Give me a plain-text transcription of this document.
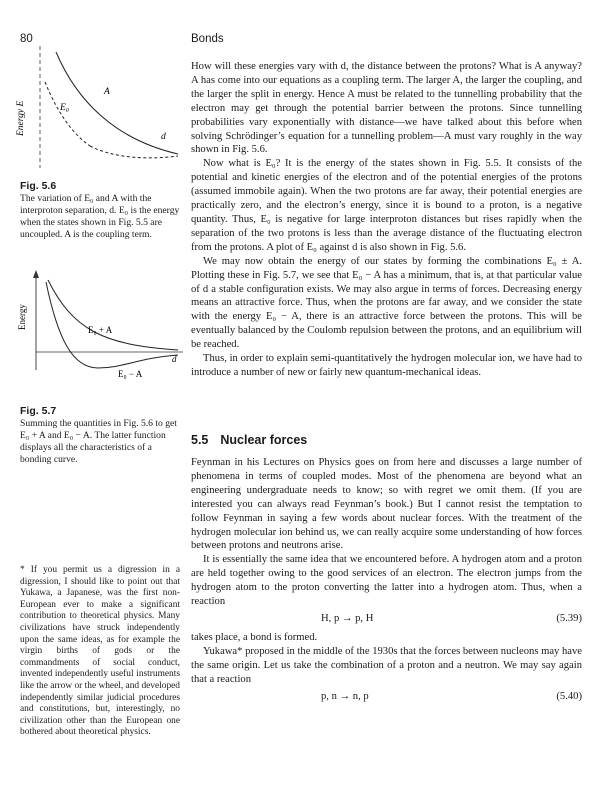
80	Bonds
Energy E
A
E₀
d
Fig. 5.6
The variation of E₀ and A with the interproton separation, d. E₀ is the energy when the states shown in Fig. 5.5 are uncoupled. A is the coupling term.
Energy	E₀ + A
E₀ − A
d
Fig. 5.7
Summing the quantities in Fig. 5.6 to get E₀ + A and E₀ − A. The latter function displays all the characteristics of a bonding curve.

How will these energies vary with d, the distance between the protons? What is A anyway? A has come into our equations as a coupling term. The larger A, the larger the coupling, and the larger the split in energy. Hence A must be related to the tunnelling probability that the electron may get through the potential barrier between the protons. Since tunnelling probabilities vary exponentially with distance—we have talked about this before when solving Schrödinger’s equation for a tunnelling problem—A must vary roughly in the way shown in Fig. 5.6.

Now what is E₀? It is the energy of the states shown in Fig. 5.5. It consists of the potential and kinetic energies of the electron and of the potential energies of the protons (assumed immobile again). When the two protons are far away, their potential energies are practically zero, and the electron’s energy, since it is bound to a proton, is a negative quantity. Thus, E₀ is negative for large interproton distances but rises rapidly when the separation of the two protons is less than the average distance of the fluctuating electron from the protons. A plot of E₀ against d is also shown in Fig. 5.6.

We may now obtain the energy of our states by forming the combinations E₀ ± A. Plotting these in Fig. 5.7, we see that E₀ − A has a minimum, that is, at that particular value of d a stable configuration exists. We may also argue in terms of forces. Decreasing energy means an attractive force. Thus, when the protons are far away, and we consider the state with the energy E₀ − A, there is an attractive force between the protons. This will be eventually balanced by the Coulomb repulsion between the protons, and an equilibrium will be reached.

Thus, in order to explain semi-quantitatively the hydrogen molecular ion, we have had to introduce a number of new or fairly new quantum-mechanical ideas.

5.5 Nuclear forces

Feynman in his Lectures on Physics goes on from here and discusses a large number of phenomena in terms of coupled modes. Most of the phenomena are beyond what an engineering undergraduate needs to know; so with regret we omit them. (If you are interested you can always read Feynman’s book.) But I cannot resist the temptation to follow Feynman in saying a few words about nuclear forces. With the treatment of the hydrogen molecular ion behind us, we can really acquire some understanding of how forces between protons and neutrons arise.

It is essentially the same idea that we encountered before. A hydrogen atom and a proton are held together owing to the good services of an electron. The electron jumps from the hydrogen atom to the proton converting the latter into a hydrogen atom. Thus, when a reaction

H, p → p, H	(5.39)

takes place, a bond is formed.

Yukawa* proposed in the middle of the 1930s that the forces between nucleons may have the same origin. Let us take the combination of a proton and a neutron. We may say again that a reaction

p, n → n, p	(5.40)
* If you permit us a digression in a digression, I should like to point out that Yukawa, a Japanese, was the first non-European ever to make a significant contribution to theoretical physics. Many civilizations have struck independently upon the same ideas, as for example the virgin births of gods or the commandments of social conduct, invented independently useful instruments like the arrow or the wheel, and developed independently similar judicial procedures and constitutions, but, interestingly, no civilization other than the European one bothered about theoretical physics.
